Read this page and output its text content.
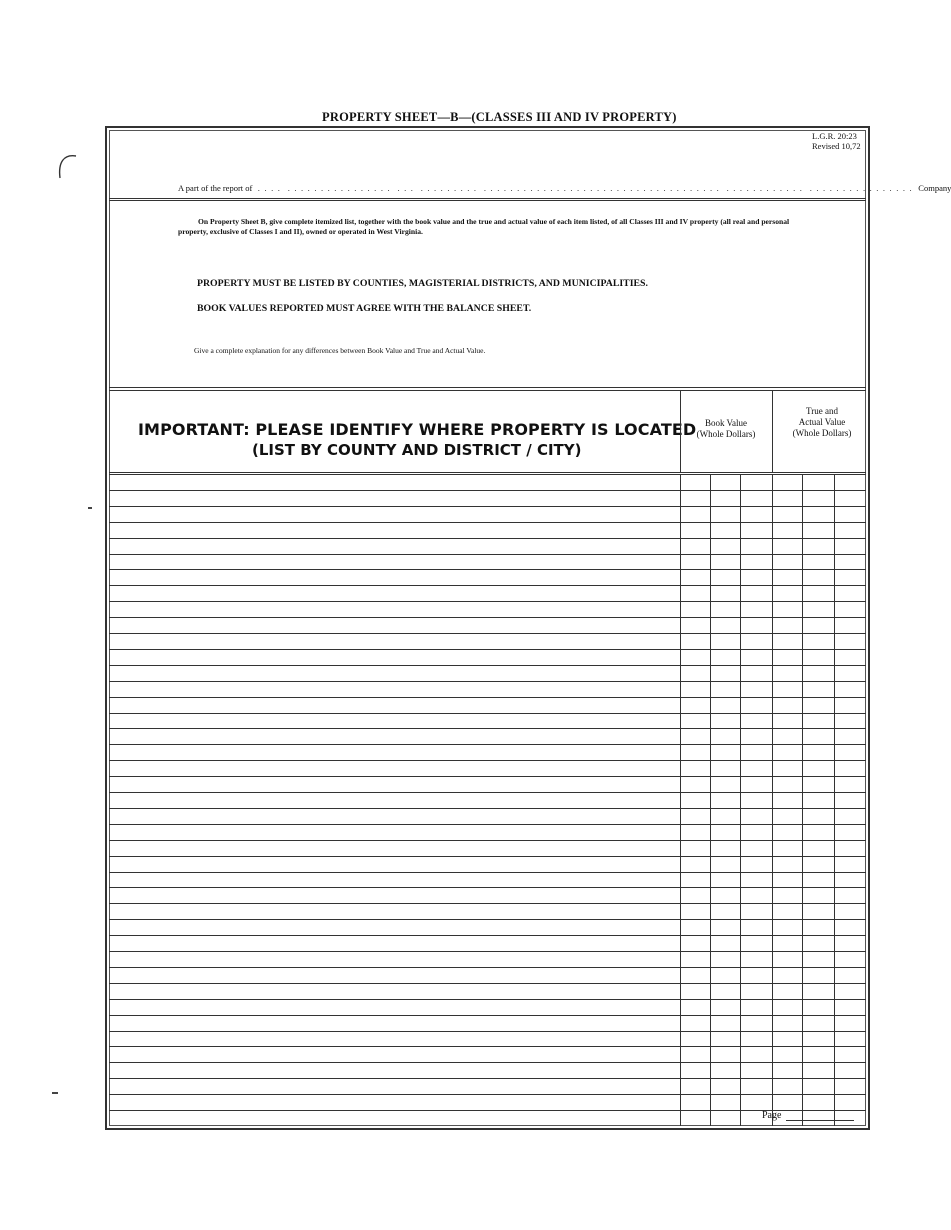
PROPERTY SHEET—B—(CLASSES III AND IV PROPERTY)
L.G.R. 20:23
Revised 10,72
A part of the report of  . . . .  . . . . . . . . . . . . . . . .  . . .  . . . . . . . . .  . . . . . . . . . . . . . . . . . . . . . . . . . . . . . . . . . . . .  . . . . . . . . . . . .  . . . . . . . . . . . . . . . .  Company
On Property Sheet B, give complete itemized list, together with the book value and the true and actual value of each item listed, of all Classes III and IV property (all real and personal property, exclusive of Classes I and II), owned or operated in West Virginia.
PROPERTY MUST BE LISTED BY COUNTIES, MAGISTERIAL DISTRICTS, AND MUNICIPALITIES.
BOOK VALUES REPORTED MUST AGREE WITH THE BALANCE SHEET.
Give a complete explanation for any differences between Book Value and True and Actual Value.
IMPORTANT: PLEASE IDENTIFY WHERE PROPERTY IS LOCATED
(LIST BY COUNTY AND DISTRICT / CITY)
Book Value
(Whole Dollars)
True and
Actual Value
(Whole Dollars)
Page
